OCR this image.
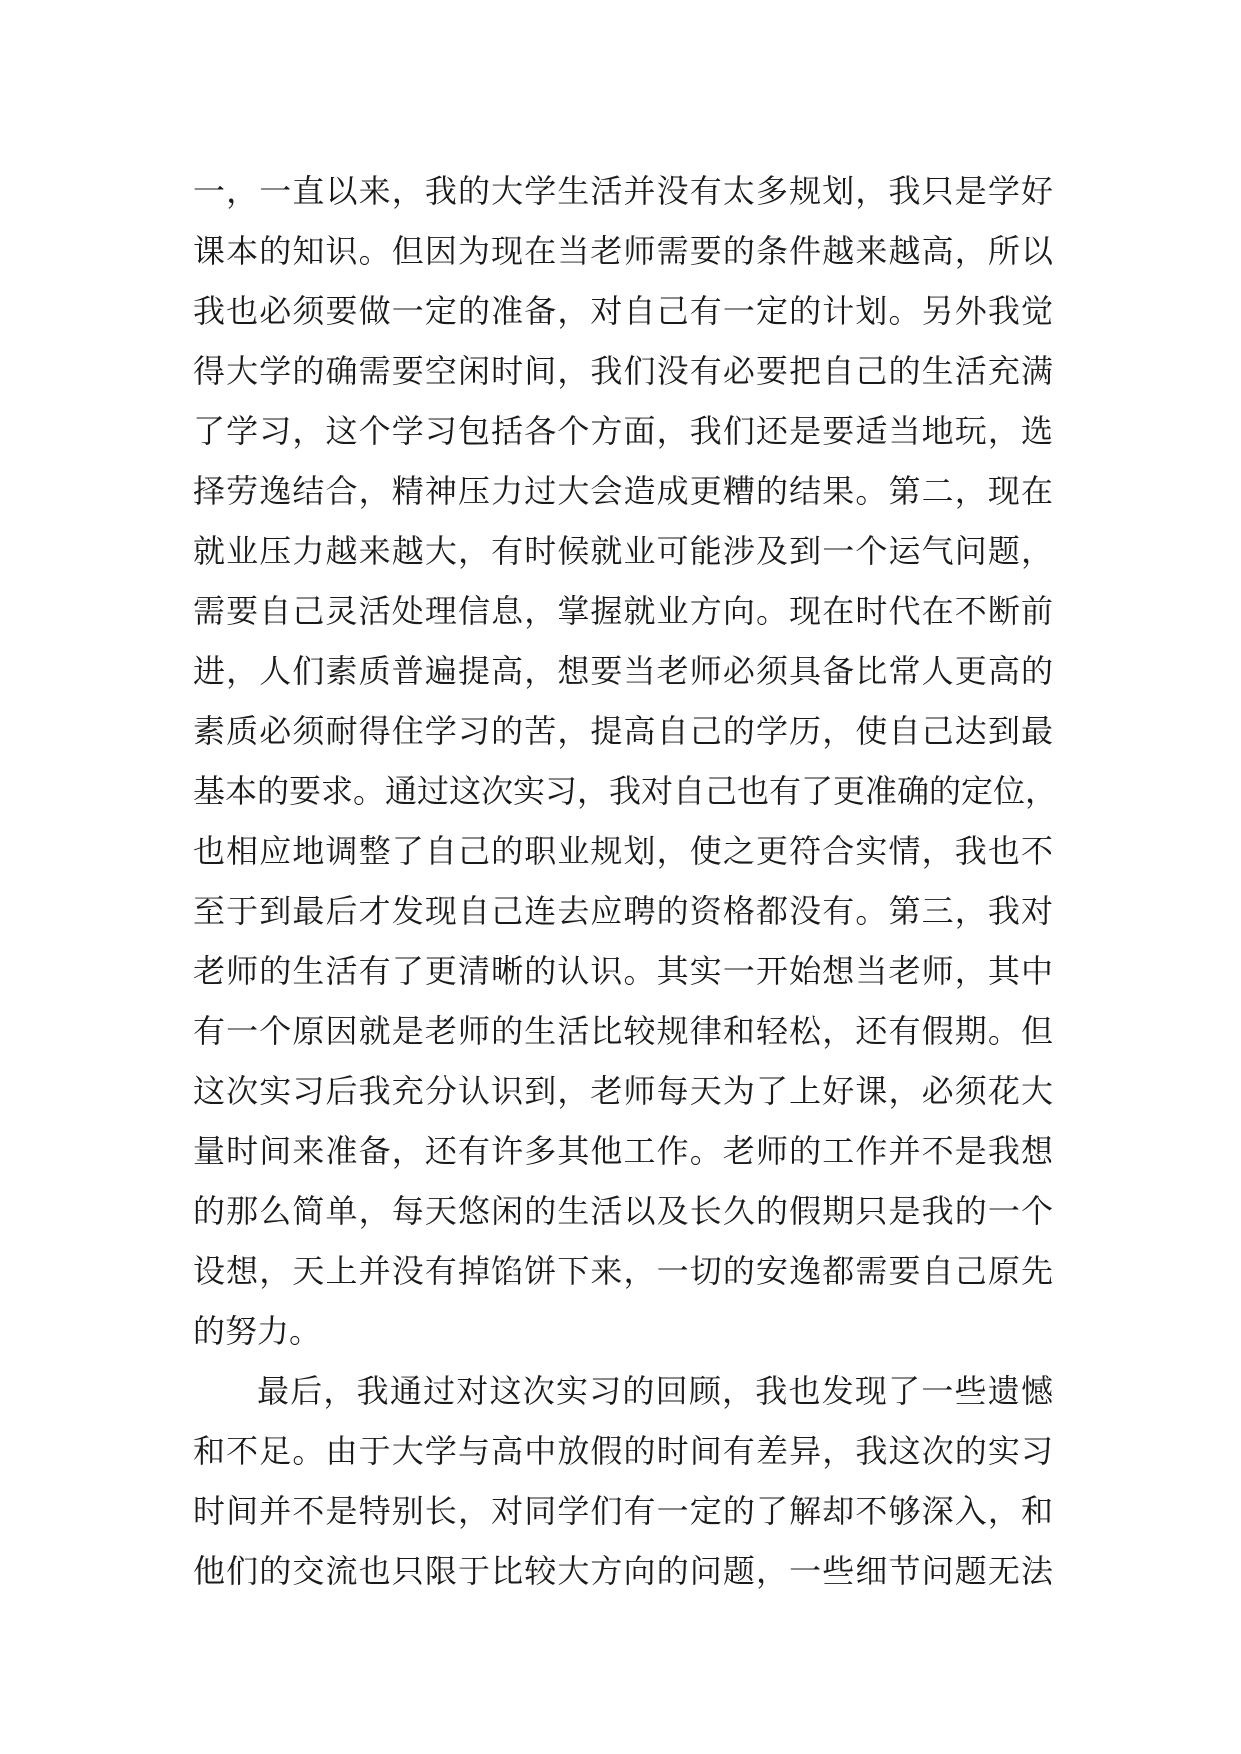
一，一直以来，我的大学生活并没有太多规划，我只是学好
课本的知识。但因为现在当老师需要的条件越来越高，所以
我也必须要做一定的准备，对自己有一定的计划。另外我觉
得大学的确需要空闲时间，我们没有必要把自己的生活充满
了学习，这个学习包括各个方面，我们还是要适当地玩，选
择劳逸结合，精神压力过大会造成更糟的结果。第二，现在
就业压力越来越大，有时候就业可能涉及到一个运气问题，
需要自己灵活处理信息，掌握就业方向。现在时代在不断前
进，人们素质普遍提高，想要当老师必须具备比常人更高的
素质必须耐得住学习的苦，提高自己的学历，使自己达到最
基本的要求。通过这次实习，我对自己也有了更准确的定位，
也相应地调整了自己的职业规划，使之更符合实情，我也不
至于到最后才发现自己连去应聘的资格都没有。第三，我对
老师的生活有了更清晰的认识。其实一开始想当老师，其中
有一个原因就是老师的生活比较规律和轻松，还有假期。但
这次实习后我充分认识到，老师每天为了上好课，必须花大
量时间来准备，还有许多其他工作。老师的工作并不是我想
的那么简单，每天悠闲的生活以及长久的假期只是我的一个
设想，天上并没有掉馅饼下来，一切的安逸都需要自己原先
的努力。
最后，我通过对这次实习的回顾，我也发现了一些遗憾
和不足。由于大学与高中放假的时间有差异，我这次的实习
时间并不是特别长，对同学们有一定的了解却不够深入，和
他们的交流也只限于比较大方向的问题，一些细节问题无法
